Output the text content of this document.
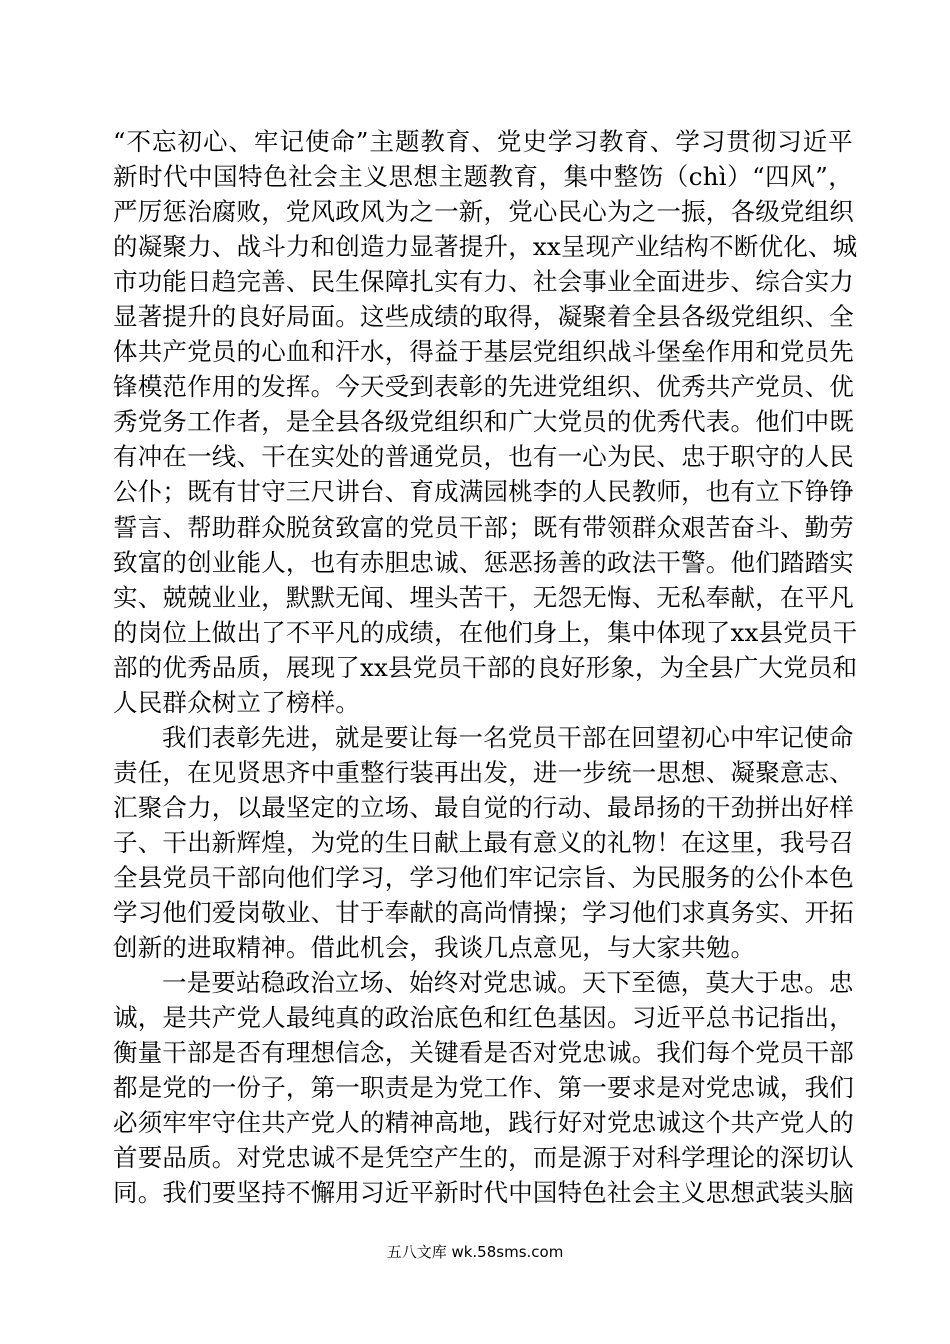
“不忘初心、牢记使命”主题教育、党史学习教育、学习贯彻习近平
新时代中国特色社会主义思想主题教育，集中整饬（chì）“四风”，
严厉惩治腐败，党风政风为之一新，党心民心为之一振，各级党组织
的凝聚力、战斗力和创造力显著提升，xx呈现产业结构不断优化、城
市功能日趋完善、民生保障扎实有力、社会事业全面进步、综合实力
显著提升的良好局面。这些成绩的取得，凝聚着全县各级党组织、全
体共产党员的心血和汗水，得益于基层党组织战斗堡垒作用和党员先
锋模范作用的发挥。今天受到表彰的先进党组织、优秀共产党员、优
秀党务工作者，是全县各级党组织和广大党员的优秀代表。他们中既
有冲在一线、干在实处的普通党员，也有一心为民、忠于职守的人民
公仆；既有甘守三尺讲台、育成满园桃李的人民教师，也有立下铮铮
誓言、帮助群众脱贫致富的党员干部；既有带领群众艰苦奋斗、勤劳
致富的创业能人，也有赤胆忠诚、惩恶扬善的政法干警。他们踏踏实
实、兢兢业业，默默无闻、埋头苦干，无怨无悔、无私奉献，在平凡
的岗位上做出了不平凡的成绩，在他们身上，集中体现了xx县党员干
部的优秀品质，展现了xx县党员干部的良好形象，为全县广大党员和
人民群众树立了榜样。
我们表彰先进，就是要让每一名党员干部在回望初心中牢记使命
责任，在见贤思齐中重整行装再出发，进一步统一思想、凝聚意志、
汇聚合力，以最坚定的立场、最自觉的行动、最昂扬的干劲拼出好样
子、干出新辉煌，为党的生日献上最有意义的礼物！在这里，我号召
全县党员干部向他们学习，学习他们牢记宗旨、为民服务的公仆本色
学习他们爱岗敬业、甘于奉献的高尚情操；学习他们求真务实、开拓
创新的进取精神。借此机会，我谈几点意见，与大家共勉。
一是要站稳政治立场、始终对党忠诚。天下至德，莫大于忠。忠
诚，是共产党人最纯真的政治底色和红色基因。习近平总书记指出，
衡量干部是否有理想信念，关键看是否对党忠诚。我们每个党员干部
都是党的一份子，第一职责是为党工作、第一要求是对党忠诚，我们
必须牢牢守住共产党人的精神高地，践行好对党忠诚这个共产党人的
首要品质。对党忠诚不是凭空产生的，而是源于对科学理论的深切认
同。我们要坚持不懈用习近平新时代中国特色社会主义思想武装头脑
五八文库 wk.58sms.com
